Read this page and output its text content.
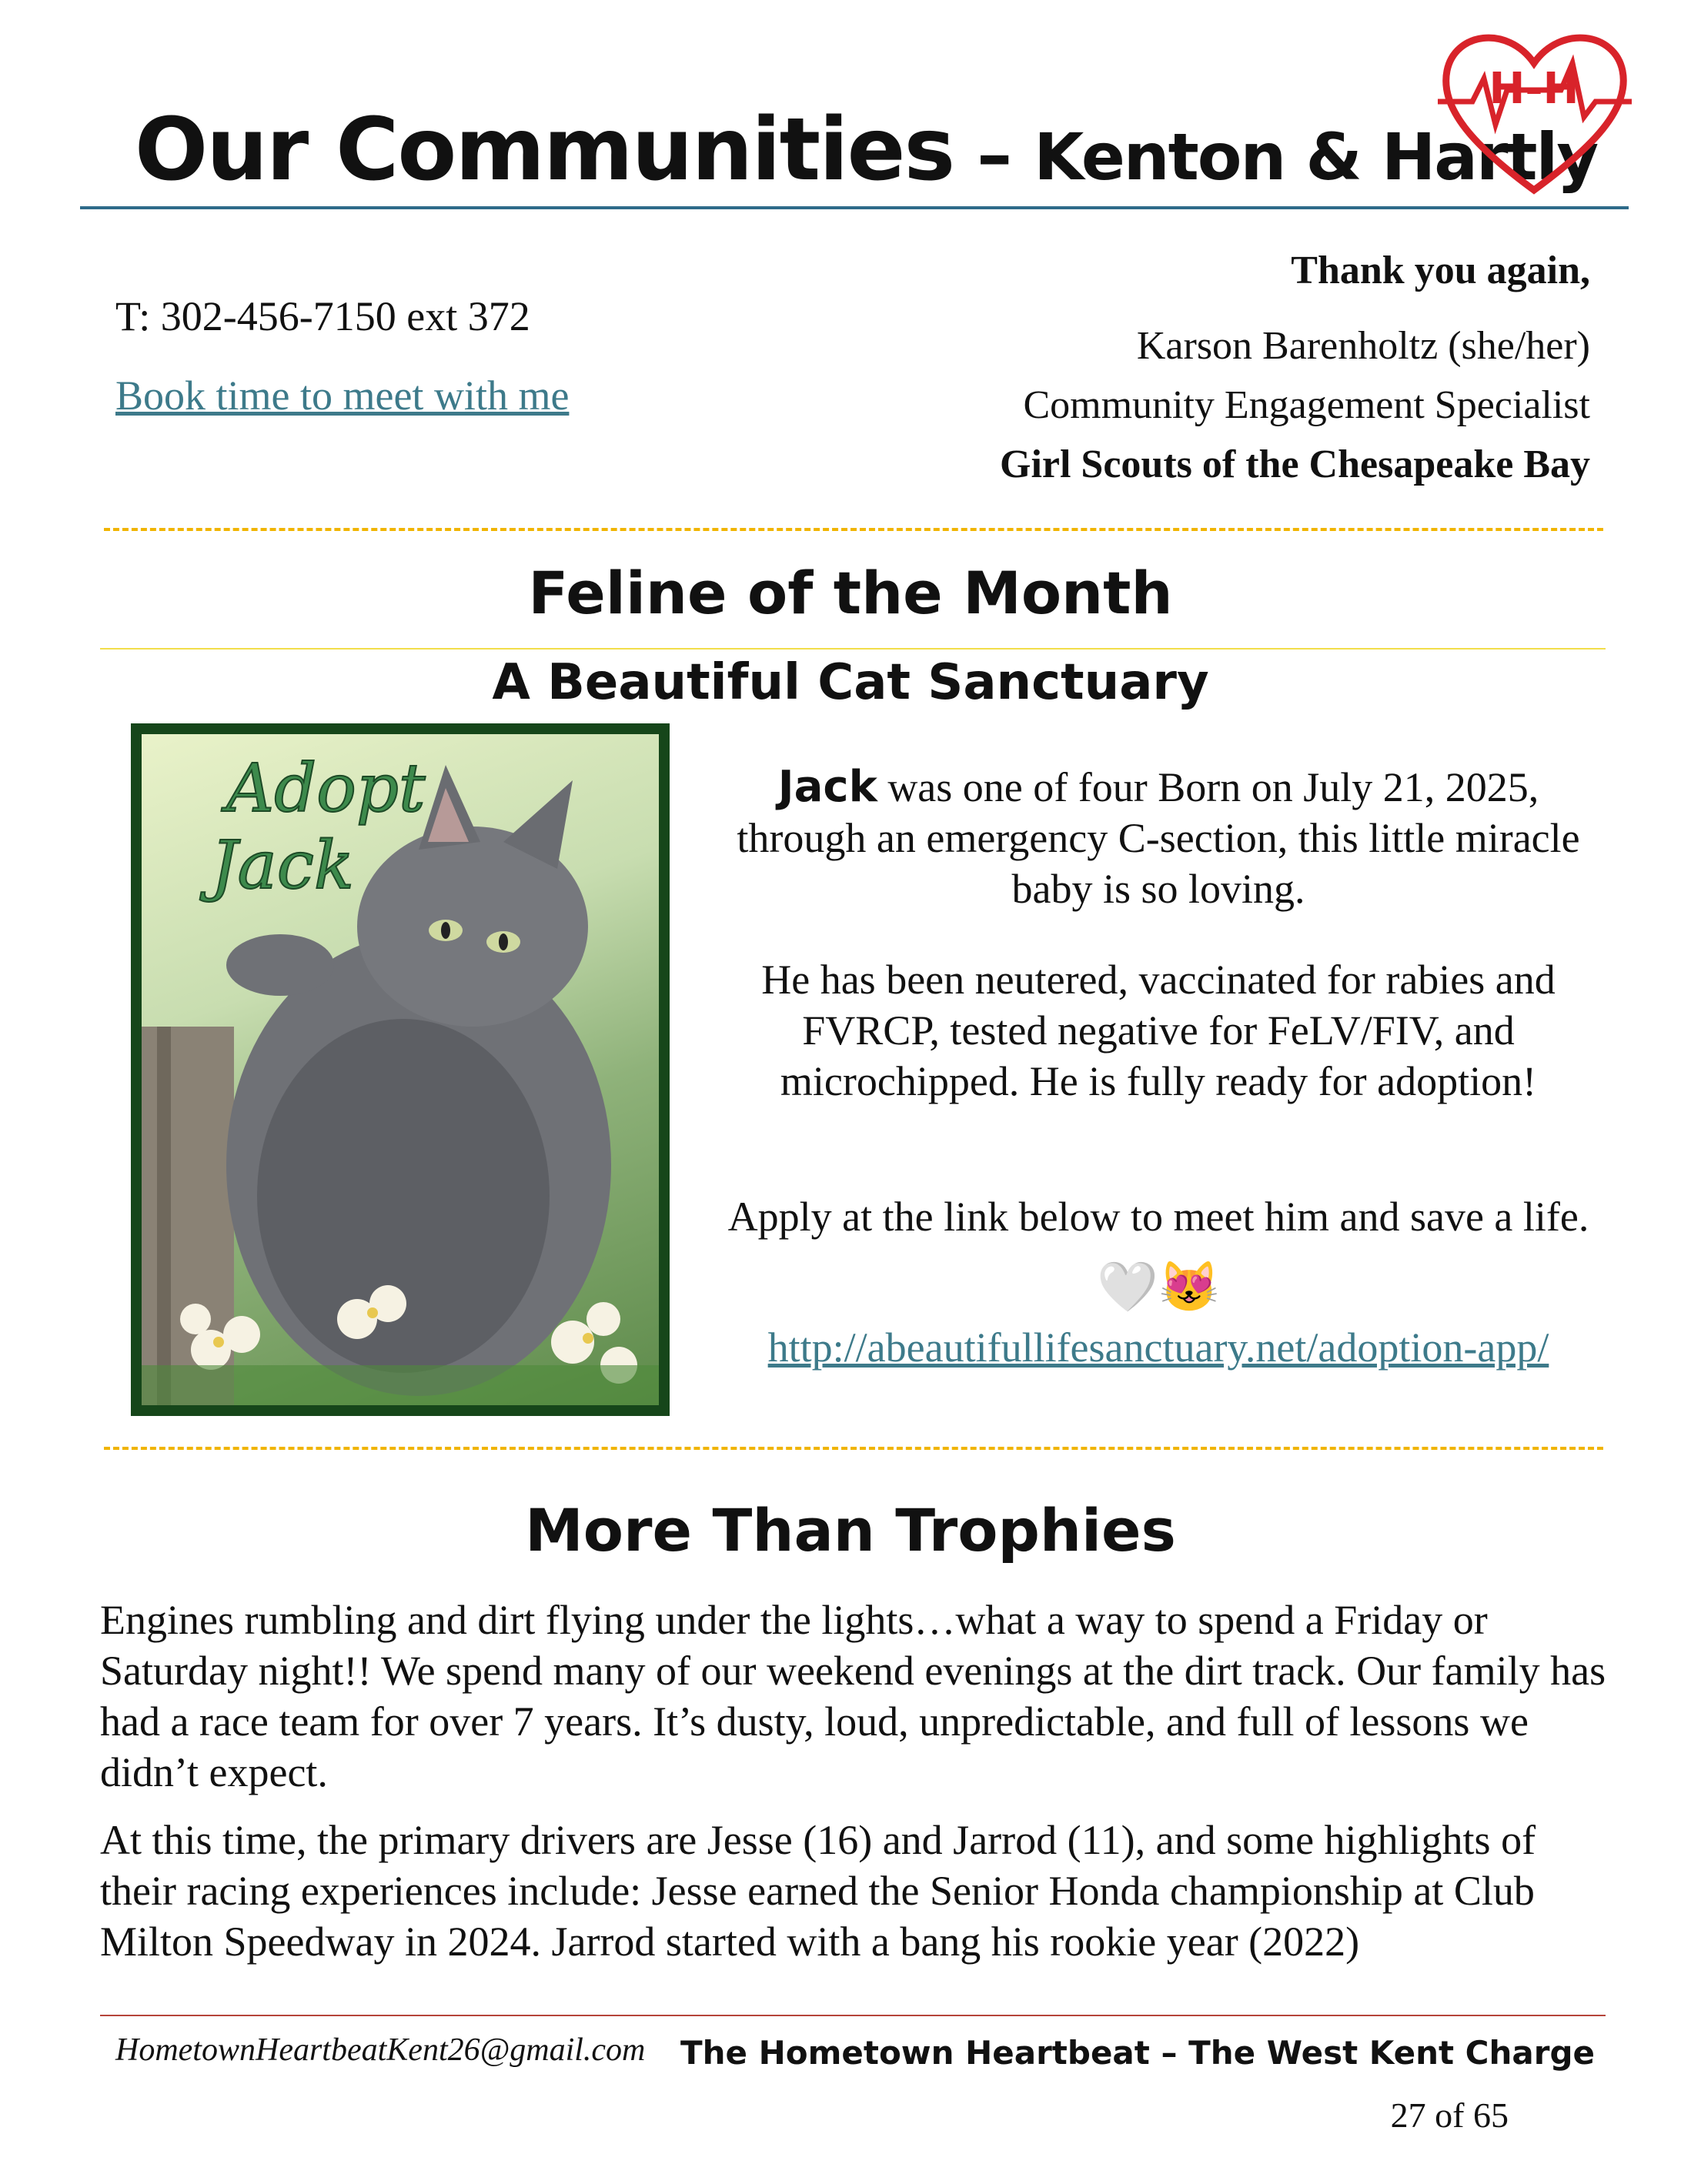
Our Communities – Kenton & Hartly
H-H
T: 302-456-7150 ext 372
Book time to meet with me
Thank you again,
Karson Barenholtz (she/her)
Community Engagement Specialist
Girl Scouts of the Chesapeake Bay
Feline of the Month
A Beautiful Cat Sanctuary
Adopt
Jack
Jack was one of four Born on July 21, 2025, through an emergency C-section, this little miracle baby is so loving.
He has been neutered, vaccinated for rabies and FVRCP, tested negative for FeLV/FIV, and microchipped. He is fully ready for adoption!
Apply at the link below to meet him and save a life. 🤍😻
http://abeautifullifesanctuary.net/adoption-app/
More Than Trophies
Engines rumbling and dirt flying under the lights…what a way to spend a Friday or Saturday night!! We spend many of our weekend evenings at the dirt track. Our family has had a race team for over 7 years. It’s dusty, loud, unpredictable, and full of lessons we didn’t expect.
At this time, the primary drivers are Jesse (16) and Jarrod (11), and some highlights of their racing experiences include: Jesse earned the Senior Honda championship at Club Milton Speedway in 2024. Jarrod started with a bang his rookie year (2022)
HometownHeartbeatKent26@gmail.com The Hometown Heartbeat – The West Kent Charge
27 of 65
